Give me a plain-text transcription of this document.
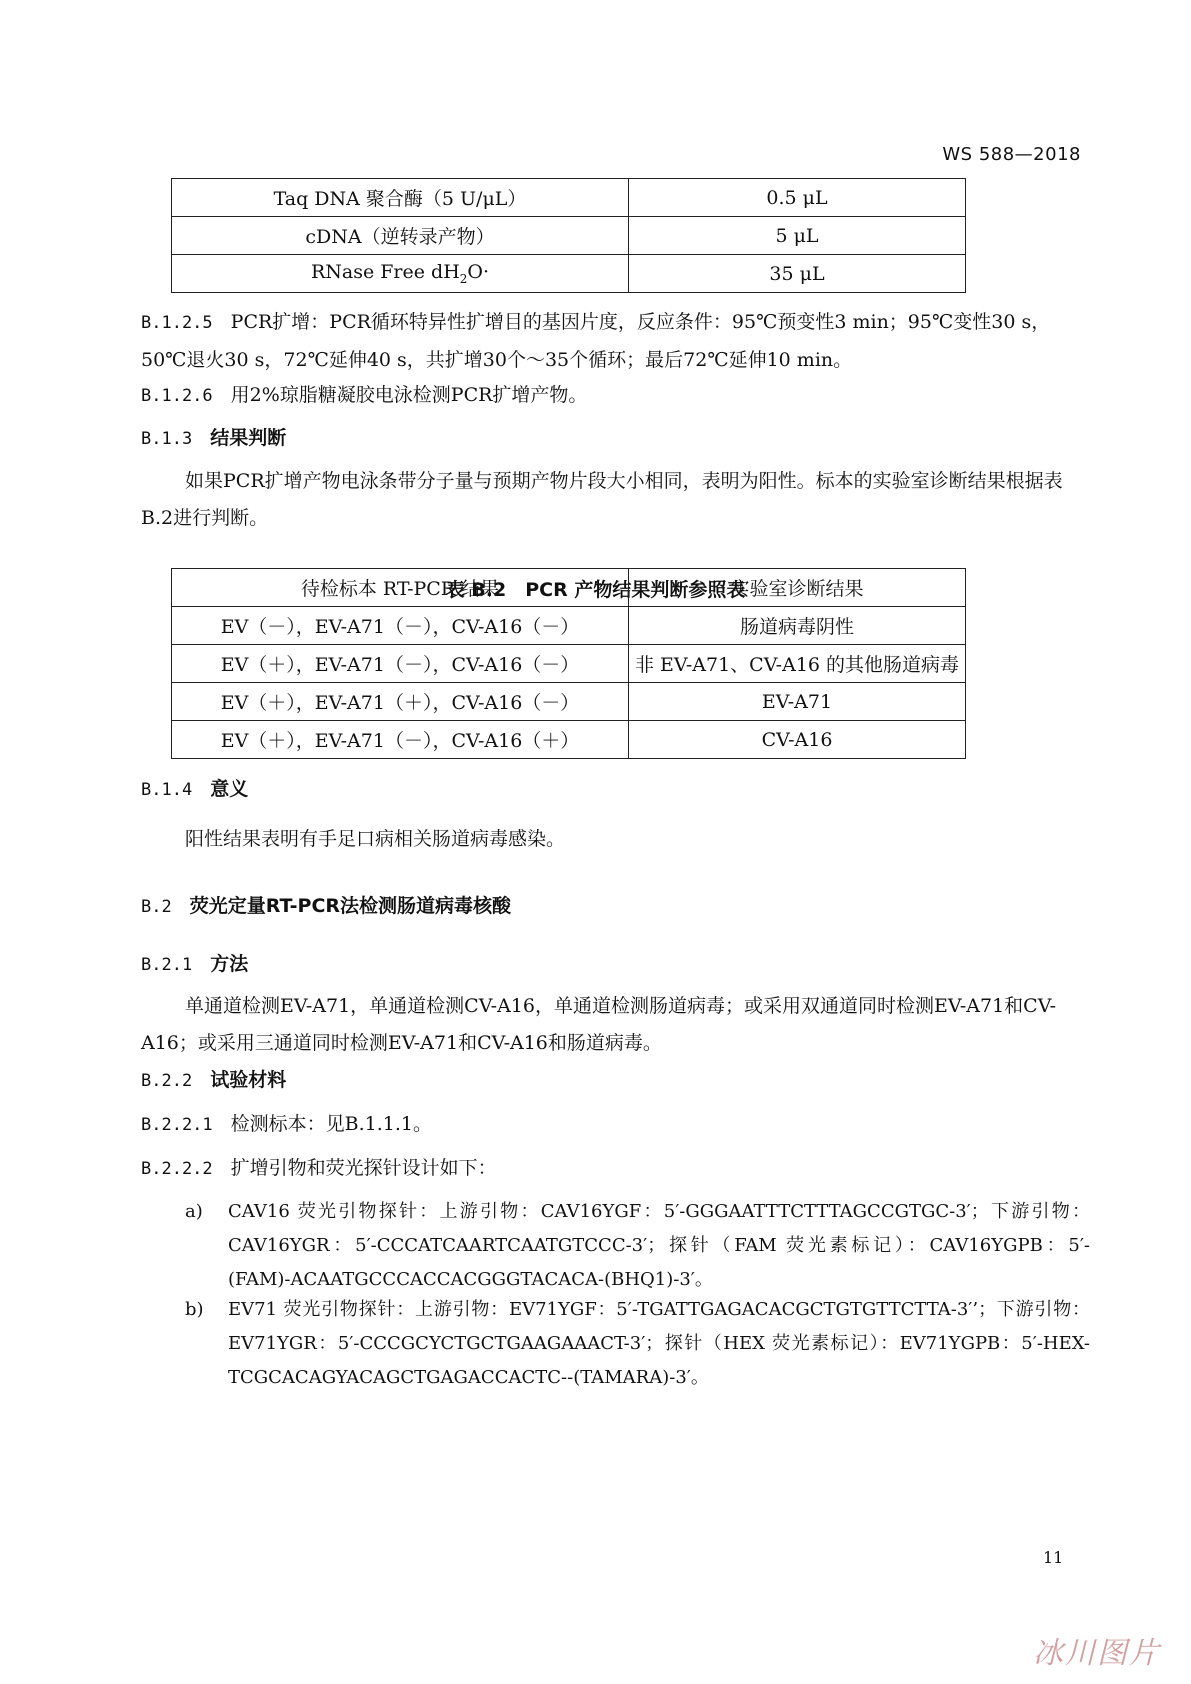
WS 588—2018
Taq DNA 聚合酶（5 U/μL）	0.5 μL
cDNA（逆转录产物）	5 μL
RNase Free $dH_2O\cdot$	35 μL
B.1.2.5 PCR扩增：PCR循环特异性扩增目的基因片度，反应条件：95℃预变性3 min；95℃变性30 s，50℃退火30 s，72℃延伸40 s，共扩增30个～35个循环；最后72℃延伸10 min。
B.1.2.6 用2%琼脂糖凝胶电泳检测PCR扩增产物。
B.1.3 结果判断
如果PCR扩增产物电泳条带分子量与预期产物片段大小相同，表明为阳性。标本的实验室诊断结果根据表B.2进行判断。
表 B.2　PCR 产物结果判断参照表
待检标本 RT-PCR 结果	实验室诊断结果
EV（－），EV-A71（－），CV-A16（－）	肠道病毒阴性
EV（＋），EV-A71（－），CV-A16（－）	非 EV-A71、CV-A16 的其他肠道病毒
EV（＋），EV-A71（＋），CV-A16（－）	EV-A71
EV（＋），EV-A71（－），CV-A16（＋）	CV-A16
B.1.4 意义
阳性结果表明有手足口病相关肠道病毒感染。
B.2 荧光定量RT-PCR法检测肠道病毒核酸
B.2.1 方法
单通道检测EV-A71，单通道检测CV-A16，单通道检测肠道病毒；或采用双通道同时检测EV-A71和CV-A16；或采用三通道同时检测EV-A71和CV-A16和肠道病毒。
B.2.2 试验材料
B.2.2.1 检测标本：见B.1.1.1。
B.2.2.2 扩增引物和荧光探针设计如下：
a) CAV16 荧光引物探针：上游引物：CAV16YGF：5′-GGGAATTTCTTTAGCCGTGC-3′；下游引物：CAV16YGR：5′-CCCATCAARTCAATGTCCC-3′；探针（FAM 荧光素标记）：CAV16YGPB：5′-(FAM)-ACAATGCCCACCACGGGTACACA-(BHQ1)-3′。
b) EV71 荧光引物探针：上游引物：EV71YGF：5′-TGATTGAGACACGCTGTGTTCTTA-3′’；下游引物：EV71YGR：5′-CCCGCYCTGCTGAAGAAACT-3′；探针（HEX 荧光素标记）：EV71YGPB：5′-HEX-TCGCACAGYACAGCTGAGACCACTC--(TAMARA)-3′。
11
冰川图片
